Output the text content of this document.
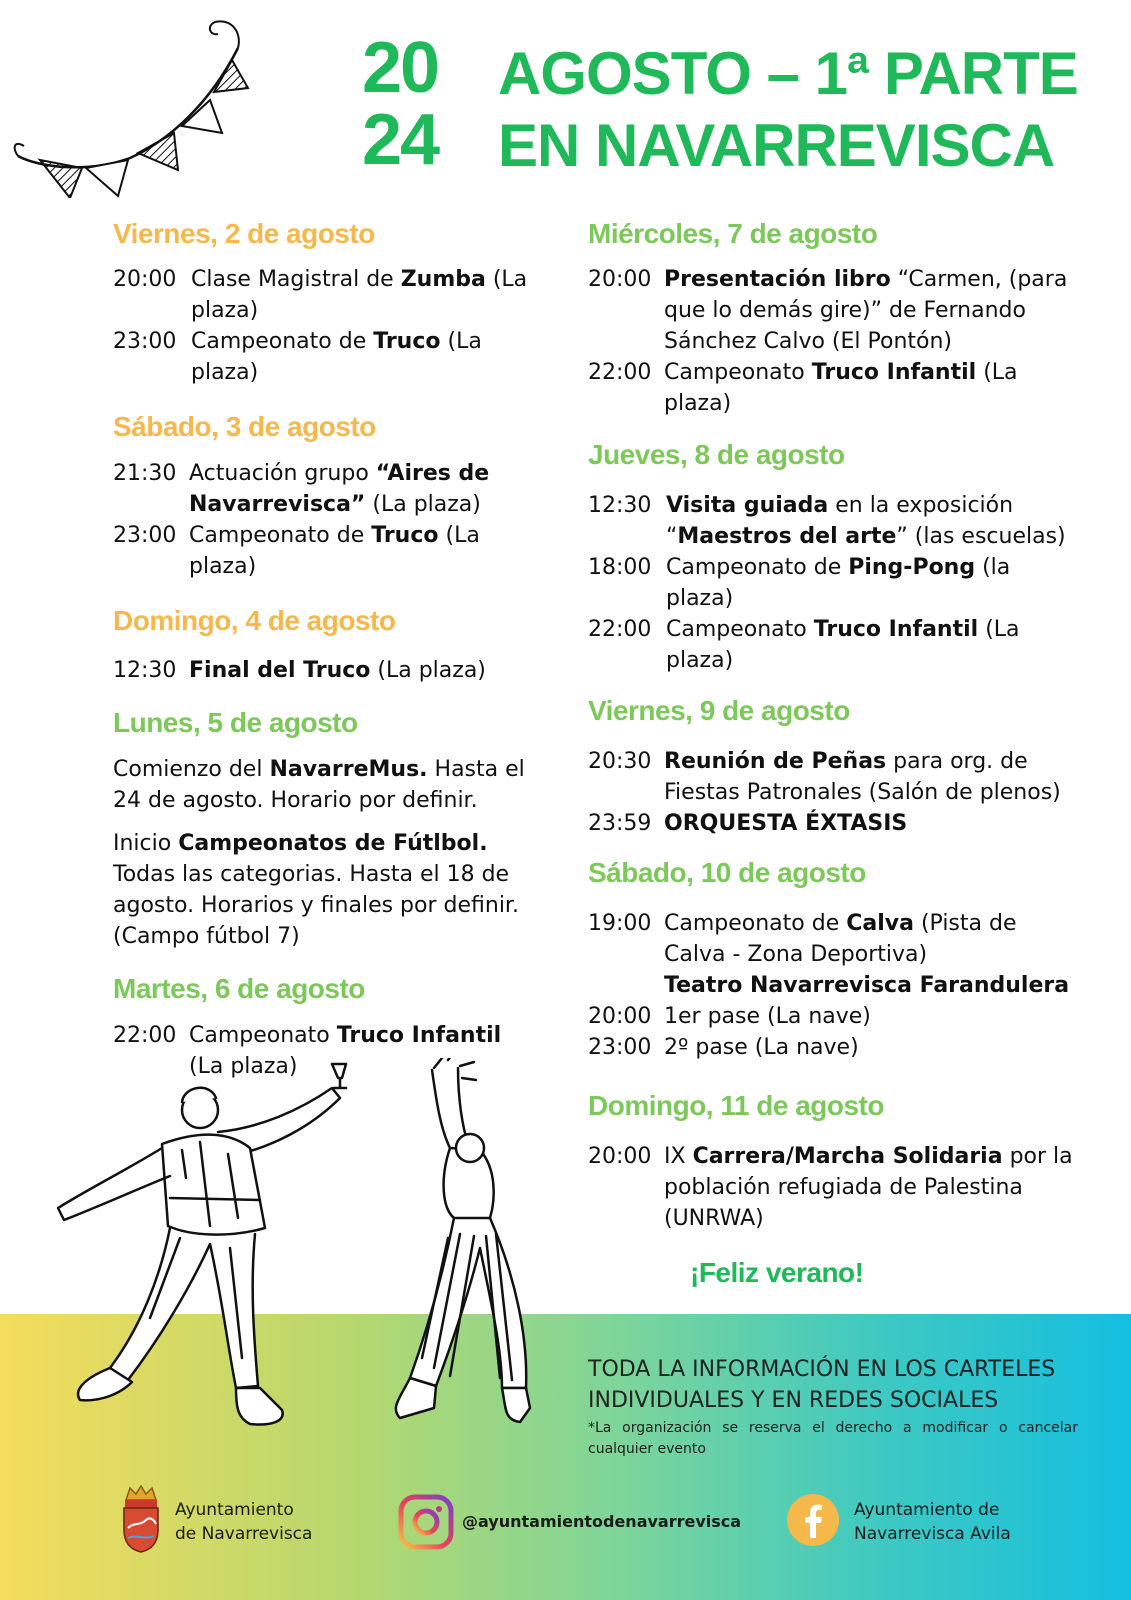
20
24
AGOSTO – 1ª PARTE
EN NAVARREVISCA
Viernes, 2 de agosto
20:00 Clase Magistral de Zumba (La plaza)
23:00 Campeonato de Truco (La plaza)
Sábado, 3 de agosto
21:30 Actuación grupo “Aires de Navarrevisca” (La plaza)
23:00 Campeonato de Truco (La plaza)
Domingo, 4 de agosto
12:30 Final del Truco (La plaza)
Lunes, 5 de agosto
Comienzo del NavarreMus. Hasta el 24 de agosto. Horario por definir.
Inicio Campeonatos de Fútlbol. Todas las categorias. Hasta el 18 de agosto. Horarios y finales por definir. (Campo fútbol 7)
Martes, 6 de agosto
22:00 Campeonato Truco Infantil (La plaza)
Miércoles, 7 de agosto
20:00 Presentación libro “Carmen, (para que lo demás gire)” de Fernando Sánchez Calvo (El Pontón)
22:00 Campeonato Truco Infantil (La plaza)
Jueves, 8 de agosto
12:30 Visita guiada en la exposición “Maestros del arte” (las escuelas)
18:00 Campeonato de Ping-Pong (la plaza)
22:00 Campeonato Truco Infantil (La plaza)
Viernes, 9 de agosto
20:30 Reunión de Peñas para org. de Fiestas Patronales (Salón de plenos)
23:59 ORQUESTA ÉXTASIS
Sábado, 10 de agosto
19:00 Campeonato de Calva (Pista de Calva - Zona Deportiva)
Teatro Navarrevisca Farandulera
20:00 1er pase (La nave)
23:00 2º pase (La nave)
Domingo, 11 de agosto
20:00 IX Carrera/Marcha Solidaria por la población refugiada de Palestina (UNRWA)
¡Feliz verano!
TODA LA INFORMACIÓN EN LOS CARTELES INDIVIDUALES Y EN REDES SOCIALES
*La organización se reserva el derecho a modificar o cancelar cualquier evento
Ayuntamiento
de Navarrevisca
@ayuntamientodenavarrevisca
Ayuntamiento de
Navarrevisca Avila
